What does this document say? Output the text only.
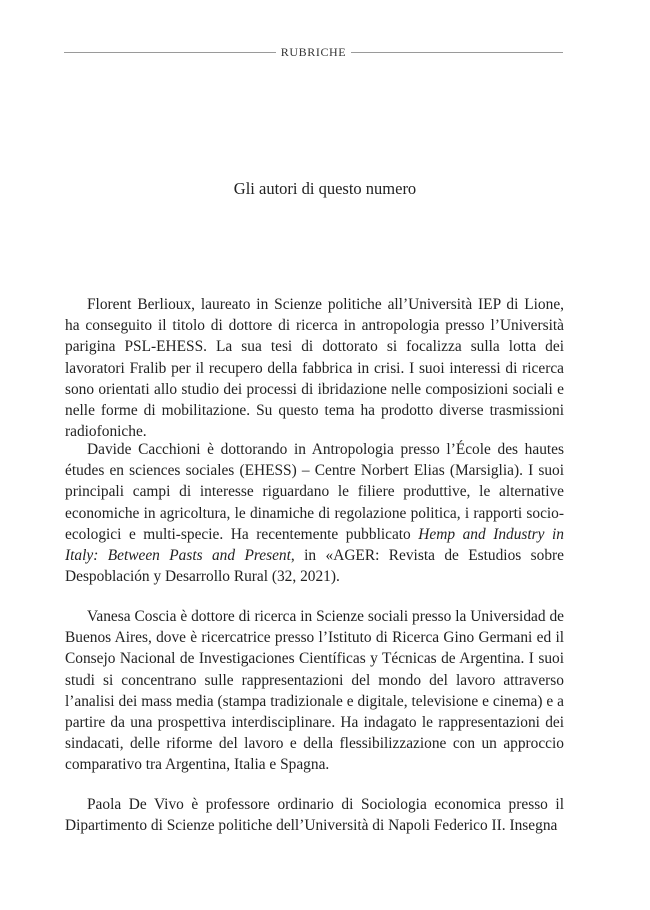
RUBRICHE
Gli autori di questo numero

Florent Berlioux, laureato in Scienze politiche all’Università IEP di Lione, ha conseguito il titolo di dottore di ricerca in antropologia presso l’Università parigina PSL-EHESS. La sua tesi di dottorato si focalizza sulla lotta dei lavoratori Fralib per il recupero della fabbrica in crisi. I suoi interessi di ricerca sono orientati allo studio dei processi di ibridazione nelle composizioni sociali e nelle forme di mobilitazione. Su questo tema ha prodotto diverse trasmissioni radiofoniche.

Davide Cacchioni è dottorando in Antropologia presso l’École des hautes études en sciences sociales (EHESS) – Centre Norbert Elias (Marsiglia). I suoi principali campi di interesse riguardano le filiere produttive, le alternative economiche in agricoltura, le dinamiche di regolazione politica, i rapporti socio-ecologici e multi-specie. Ha recentemente pubblicato Hemp and Industry in Italy: Between Pasts and Present, in «AGER: Revista de Estudios sobre Despoblación y Desarrollo Rural (32, 2021).

Vanesa Coscia è dottore di ricerca in Scienze sociali presso la Universidad de Buenos Aires, dove è ricercatrice presso l’Istituto di Ricerca Gino Germani ed il Consejo Nacional de Investigaciones Científicas y Técnicas de Argentina. I suoi studi si concentrano sulle rappresentazioni del mondo del lavoro attraverso l’analisi dei mass media (stampa tradizionale e digitale, televisione e cinema) e a partire da una prospettiva interdisciplinare. Ha indagato le rappresentazioni dei sindacati, delle riforme del lavoro e della flessibilizzazione con un approccio comparativo tra Argentina, Italia e Spagna.

Paola De Vivo è professore ordinario di Sociologia economica presso il Dipartimento di Scienze politiche dell’Università di Napoli Federico II. Insegna
